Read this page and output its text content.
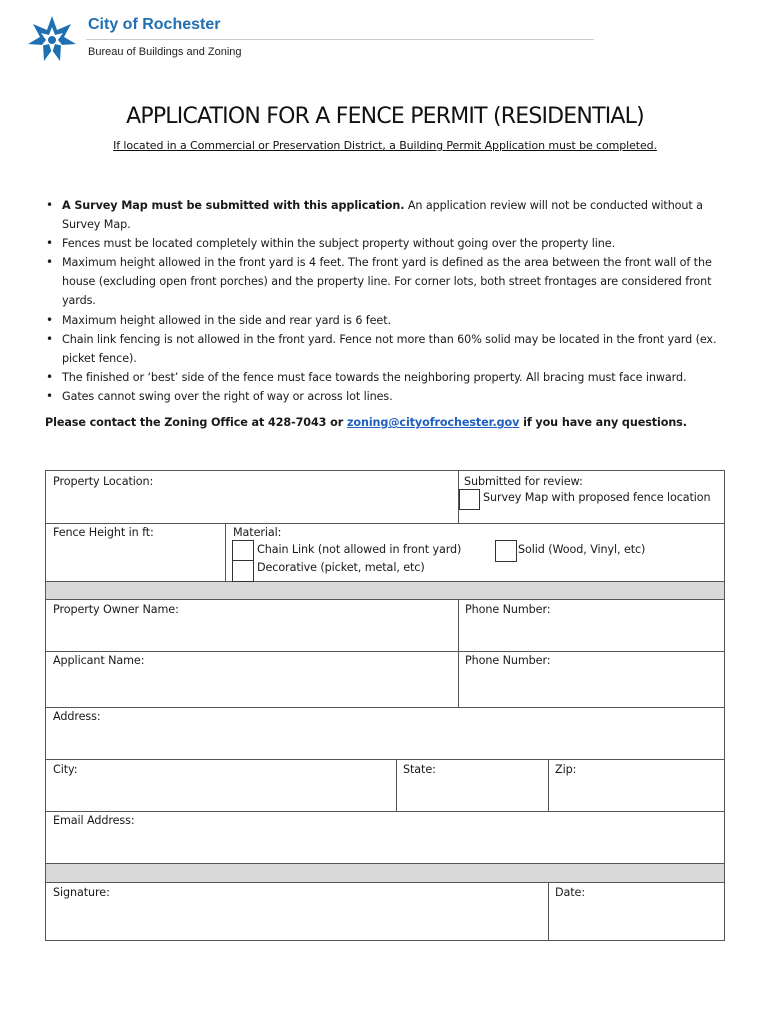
City of Rochester
Bureau of Buildings and Zoning
APPLICATION FOR A FENCE PERMIT (RESIDENTIAL)
If located in a Commercial or Preservation District, a Building Permit Application must be completed.
• A Survey Map must be submitted with this application. An application review will not be conducted without a Survey Map.
• Fences must be located completely within the subject property without going over the property line.
• Maximum height allowed in the front yard is 4 feet. The front yard is defined as the area between the front wall of the house (excluding open front porches) and the property line. For corner lots, both street frontages are considered front yards.
• Maximum height allowed in the side and rear yard is 6 feet.
• Chain link fencing is not allowed in the front yard. Fence not more than 60% solid may be located in the front yard (ex. picket fence).
• The finished or ‘best’ side of the fence must face towards the neighboring property. All bracing must face inward.
• Gates cannot swing over the right of way or across lot lines.
Please contact the Zoning Office at 428-7043 or zoning@cityofrochester.gov if you have any questions.
Property Location:	Submitted for review:
Survey Map with proposed fence location
Fence Height in ft:	Material:
Chain Link (not allowed in front yard)	Solid (Wood, Vinyl, etc)
Decorative (picket, metal, etc)
Property Owner Name:	Phone Number:
Applicant Name:	Phone Number:
Address:
City:	State:	Zip:
Email Address:
Signature:	Date:
